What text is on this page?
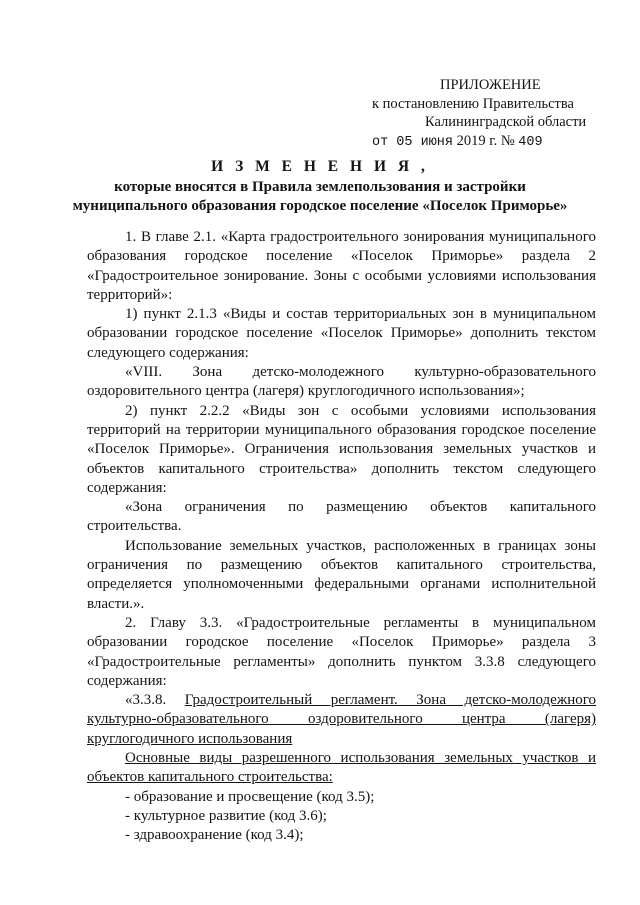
ПРИЛОЖЕНИЕ
к постановлению Правительства
Калининградской области
от 05 июня 2019 г. № 409
И З М Е Н Е Н И Я ,
которые вносятся в Правила землепользования и застройки
муниципального образования городское поселение «Поселок Приморье»

1. В главе 2.1. «Карта градостроительного зонирования муниципального образования городское поселение «Поселок Приморье» раздела 2 «Градостроительное зонирование. Зоны с особыми условиями использования территорий»:

1) пункт 2.1.3 «Виды и состав территориальных зон в муниципальном образовании городское поселение «Поселок Приморье» дополнить текстом следующего содержания:

«VIII. Зона детско-молодежного культурно-образовательного оздоровительного центра (лагеря) круглогодичного использования»;

2) пункт 2.2.2 «Виды зон с особыми условиями использования территорий на территории муниципального образования городское поселение «Поселок Приморье». Ограничения использования земельных участков и объектов капитального строительства» дополнить текстом следующего содержания:

«Зона ограничения по размещению объектов капитального строительства.

Использование земельных участков, расположенных в границах зоны ограничения по размещению объектов капитального строительства, определяется уполномоченными федеральными органами исполнительной власти.».

2. Главу 3.3. «Градостроительные регламенты в муниципальном образовании городское поселение «Поселок Приморье» раздела 3 «Градостроительные регламенты» дополнить пунктом 3.3.8 следующего содержания:

«3.3.8. Градостроительный регламент. Зона детско-молодежного культурно-образовательного оздоровительного центра (лагеря) круглогодичного использования

Основные виды разрешенного использования земельных участков и объектов капитального строительства:

- образование и просвещение (код 3.5);

- культурное развитие (код 3.6);

- здравоохранение (код 3.4);
